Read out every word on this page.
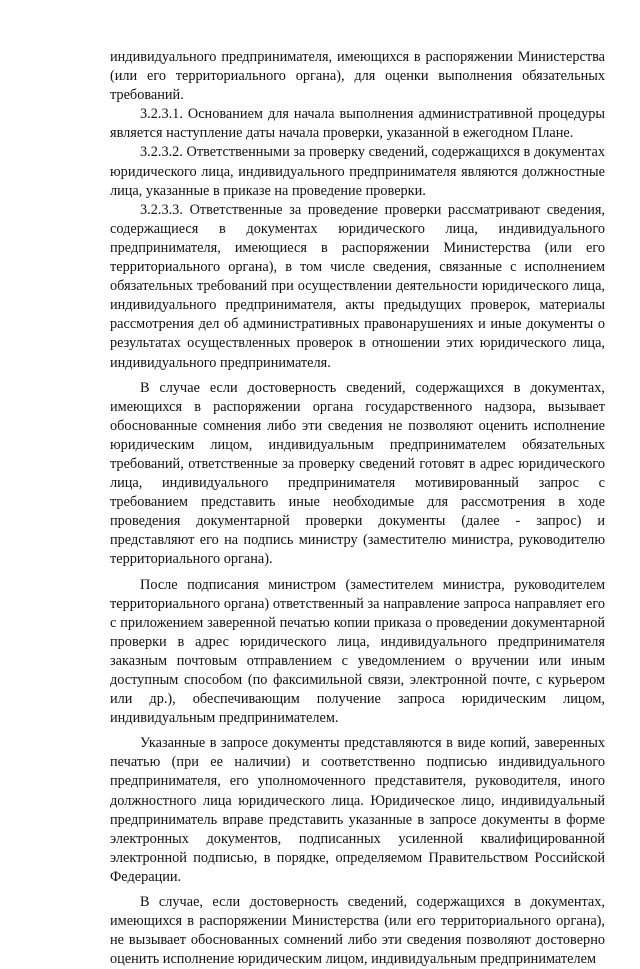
индивидуального предпринимателя, имеющихся в распоряжении Министерства (или его территориального органа), для оценки выполнения обязательных требований.

3.2.3.1. Основанием для начала выполнения административной процедуры является наступление даты начала проверки, указанной в ежегодном Плане.

3.2.3.2. Ответственными за проверку сведений, содержащихся в документах юридического лица, индивидуального предпринимателя являются должностные лица, указанные в приказе на проведение проверки.

3.2.3.3. Ответственные за проведение проверки рассматривают сведения, содержащиеся в документах юридического лица, индивидуального предпринимателя, имеющиеся в распоряжении Министерства (или его территориального органа), в том числе сведения, связанные с исполнением обязательных требований при осуществлении деятельности юридического лица, индивидуального предпринимателя, акты предыдущих проверок, материалы рассмотрения дел об административных правонарушениях и иные документы о результатах осуществленных проверок в отношении этих юридического лица, индивидуального предпринимателя.

В случае если достоверность сведений, содержащихся в документах, имеющихся в распоряжении органа государственного надзора, вызывает обоснованные сомнения либо эти сведения не позволяют оценить исполнение юридическим лицом, индивидуальным предпринимателем обязательных требований, ответственные за проверку сведений готовят в адрес юридического лица, индивидуального предпринимателя мотивированный запрос с требованием представить иные необходимые для рассмотрения в ходе проведения документарной проверки документы (далее - запрос) и представляют его на подпись министру (заместителю министра, руководителю территориального органа).

После подписания министром (заместителем министра, руководителем территориального органа) ответственный за направление запроса направляет его с приложением заверенной печатью копии приказа о проведении документарной проверки в адрес юридического лица, индивидуального предпринимателя заказным почтовым отправлением с уведомлением о вручении или иным доступным способом (по факсимильной связи, электронной почте, с курьером или др.), обеспечивающим получение запроса юридическим лицом, индивидуальным предпринимателем.

Указанные в запросе документы представляются в виде копий, заверенных печатью (при ее наличии) и соответственно подписью индивидуального предпринимателя, его уполномоченного представителя, руководителя, иного должностного лица юридического лица. Юридическое лицо, индивидуальный предприниматель вправе представить указанные в запросе документы в форме электронных документов, подписанных усиленной квалифицированной электронной подписью, в порядке, определяемом Правительством Российской Федерации.

В случае, если достоверность сведений, содержащихся в документах, имеющихся в распоряжении Министерства (или его территориального органа), не вызывает обоснованных сомнений либо эти сведения позволяют достоверно оценить исполнение юридическим лицом, индивидуальным предпринимателем
